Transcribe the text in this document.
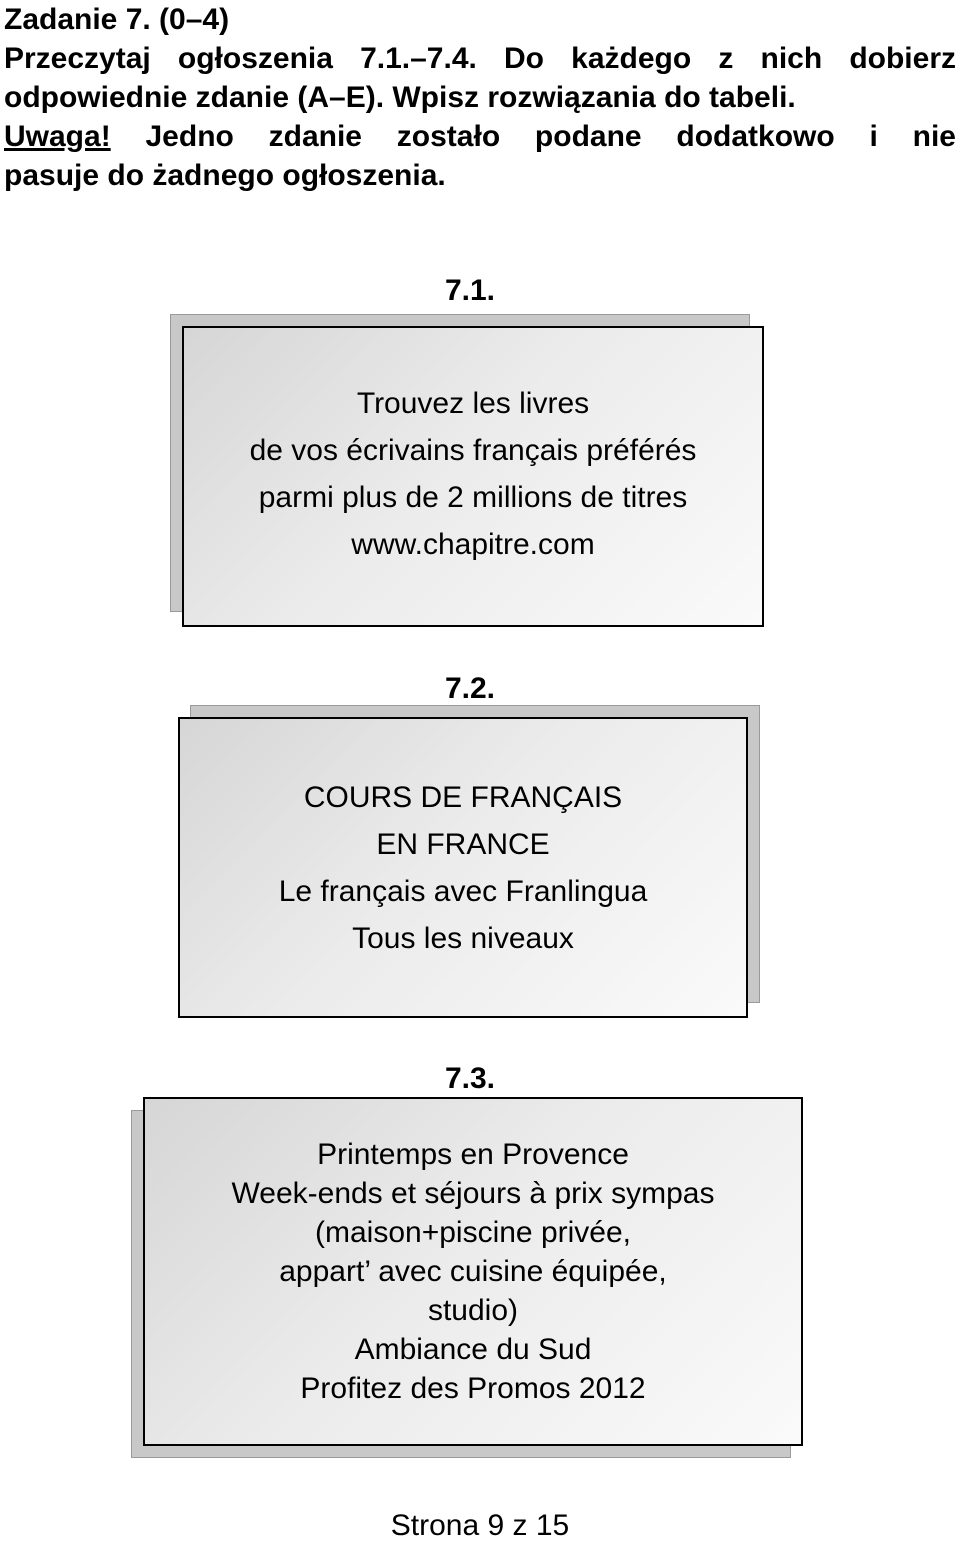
Zadanie 7. (0–4)

Przeczytaj ogłoszenia 7.1.–7.4. Do każdego z nich dobierz odpowiednie zdanie (A–E). Wpisz rozwiązania do tabeli.

Uwaga! Jedno zdanie zostało podane dodatkowo i nie

pasuje do żadnego ogłoszenia.

7.1.
Trouvez les livres
de vos écrivains français préférés
parmi plus de 2 millions de titres
www.chapitre.com
7.2.
COURS DE FRANÇAIS
EN FRANCE
Le français avec Franlingua
Tous les niveaux
7.3.
Printemps en Provence
Week-ends et séjours à prix sympas
(maison+piscine privée,
appart’ avec cuisine équipée,
studio)
Ambiance du Sud
Profitez des Promos 2012
Strona 9 z 15
